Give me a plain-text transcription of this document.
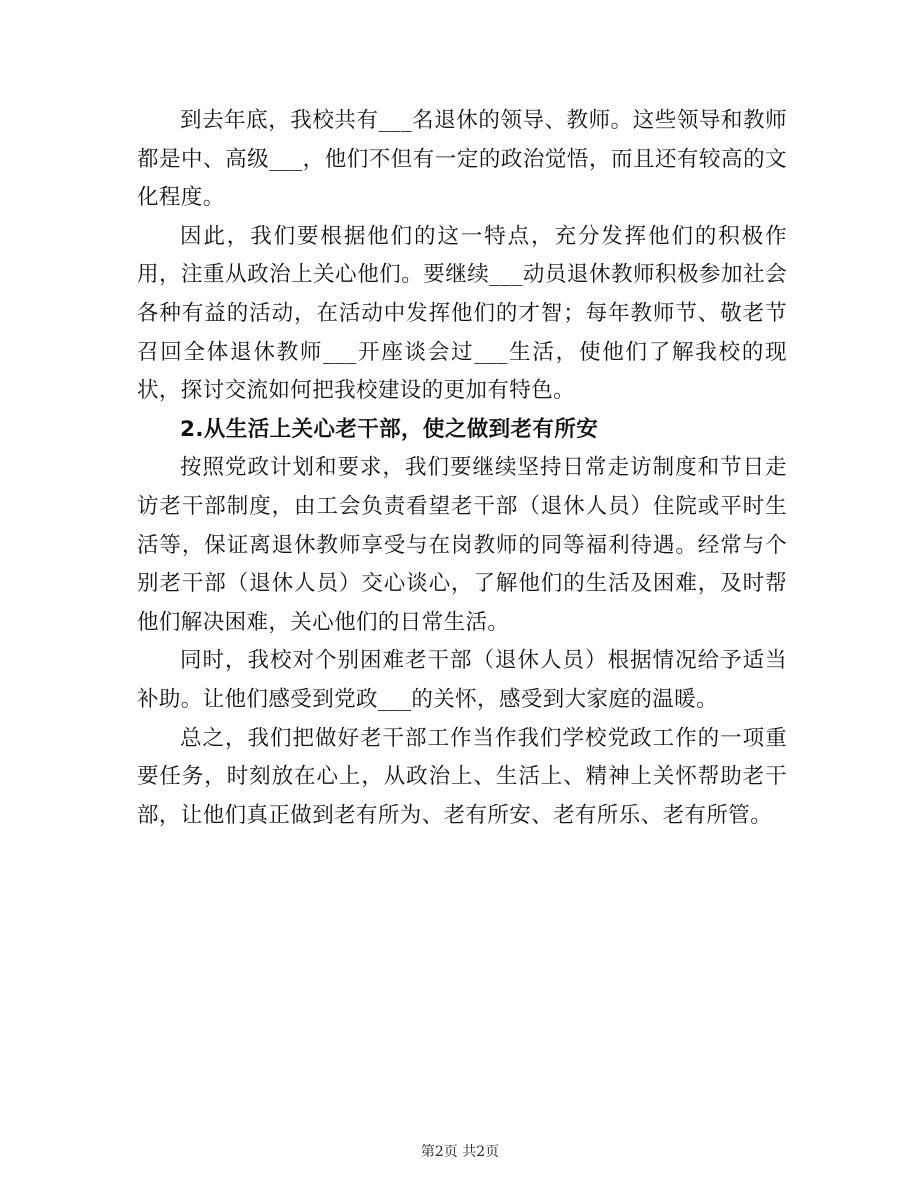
到去年底，我校共有___名退休的领导、教师。这些领导和教师都是中、高级___，他们不但有一定的政治觉悟，而且还有较高的文化程度。

因此，我们要根据他们的这一特点，充分发挥他们的积极作用，注重从政治上关心他们。要继续___动员退休教师积极参加社会各种有益的活动，在活动中发挥他们的才智；每年教师节、敬老节召回全体退休教师___开座谈会过___生活，使他们了解我校的现状，探讨交流如何把我校建设的更加有特色。

2.从生活上关心老干部，使之做到老有所安

按照党政计划和要求，我们要继续坚持日常走访制度和节日走访老干部制度，由工会负责看望老干部（退休人员）住院或平时生活等，保证离退休教师享受与在岗教师的同等福利待遇。经常与个别老干部（退休人员）交心谈心，了解他们的生活及困难，及时帮他们解决困难，关心他们的日常生活。

同时，我校对个别困难老干部（退休人员）根据情况给予适当补助。让他们感受到党政___的关怀，感受到大家庭的温暖。

总之，我们把做好老干部工作当作我们学校党政工作的一项重要任务，时刻放在心上，从政治上、生活上、精神上关怀帮助老干部，让他们真正做到老有所为、老有所安、老有所乐、老有所管。

第2页 共2页
